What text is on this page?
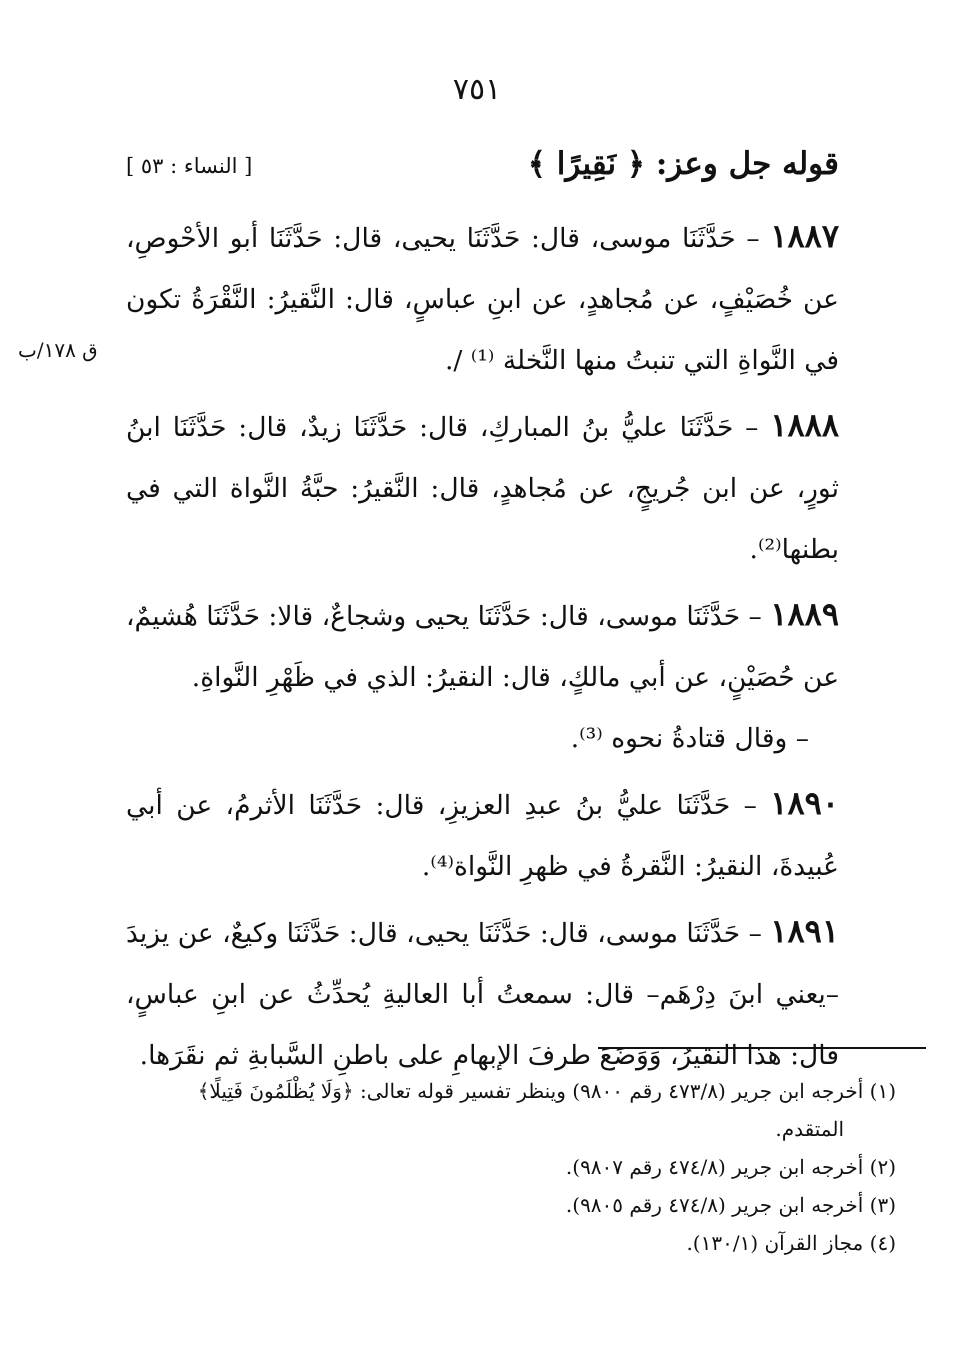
٧٥١
قوله جل وعز: ﴿ نَقِيرًا ﴾
[ النساء : ٥٣ ]
ق ١٧٨/ب

١٨٨٧ – حَدَّثَنَا موسى، قال: حَدَّثَنَا يحيى، قال: حَدَّثَنَا أبو الأحْوصِ، عن خُصَيْفٍ، عن مُجاهدٍ، عن ابنِ عباسٍ، قال: النَّقيرُ: النَّقْرَةُ تكون في النَّواةِ التي تنبتُ منها النَّخلة ⁽¹⁾ /.

١٨٨٨ – حَدَّثَنَا عليُّ بنُ المباركِ، قال: حَدَّثَنَا زيدٌ، قال: حَدَّثَنَا ابنُ ثورٍ، عن ابن جُريجٍ، عن مُجاهدٍ، قال: النَّقيرُ: حبَّةُ النَّواة التي في بطنها⁽²⁾.

١٨٨٩ – حَدَّثَنَا موسى، قال: حَدَّثَنَا يحيى وشجاعٌ، قالا: حَدَّثَنَا هُشيمٌ، عن حُصَيْنٍ، عن أبي مالكٍ، قال: النقيرُ: الذي في ظَهْرِ النَّواةِ.
– وقال قتادةُ نحوه ⁽³⁾.

١٨٩٠ – حَدَّثَنَا عليُّ بنُ عبدِ العزيزِ، قال: حَدَّثَنَا الأثرمُ، عن أبي عُبيدةَ، النقيرُ: النَّقرةُ في ظهرِ النَّواة⁽⁴⁾.

١٨٩١ – حَدَّثَنَا موسى، قال: حَدَّثَنَا يحيى، قال: حَدَّثَنَا وكيعٌ، عن يزيدَ –يعني ابنَ دِرْهَم– قال: سمعتُ أبا العاليةِ يُحدِّثُ عن ابنِ عباسٍ، قال: هذا النقيرُ، وَوَضَعَ طرفَ الإبهامِ على باطنِ السَّبابةِ ثم نقَرَها.

(١) أخرجه ابن جرير (٤٧٣/٨ رقم ٩٨٠٠) وينظر تفسير قوله تعالى: ﴿وَلَا يُظْلَمُونَ فَتِيلًا﴾

المتقدم.

(٢) أخرجه ابن جرير (٤٧٤/٨ رقم ٩٨٠٧).

(٣) أخرجه ابن جرير (٤٧٤/٨ رقم ٩٨٠٥).

(٤) مجاز القرآن (١٣٠/١).
